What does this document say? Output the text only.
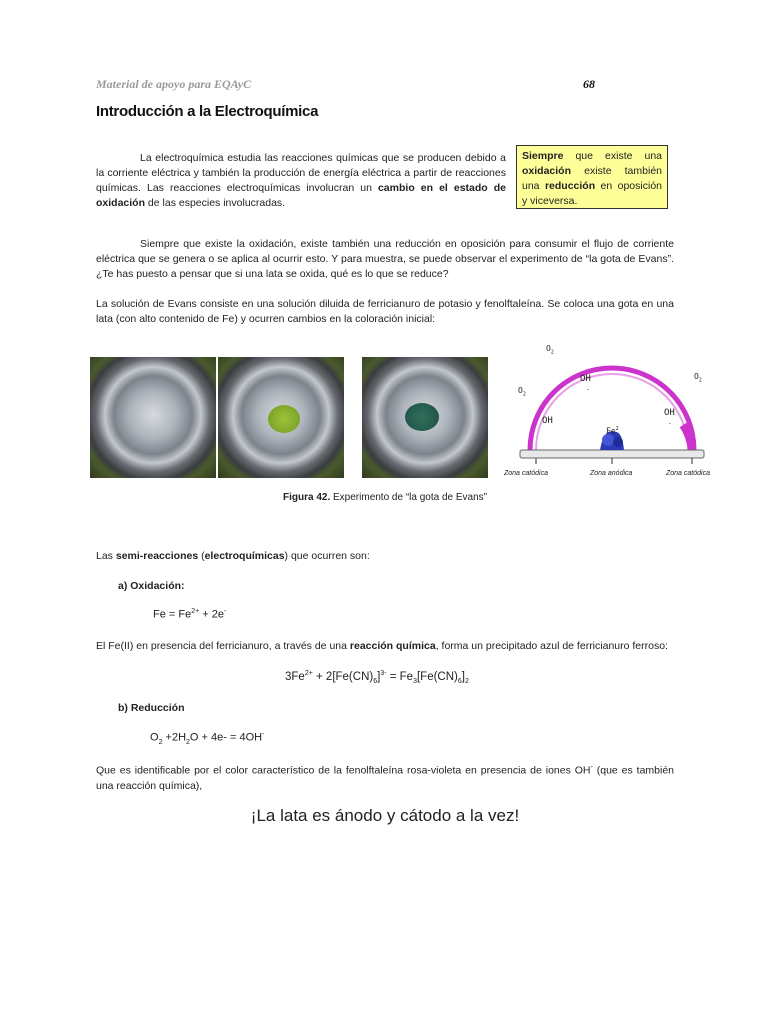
Material de apoyo para EQAyC	68
Introducción a la Electroquímica
La electroquímica estudia las reacciones químicas que se producen debido a la corriente eléctrica y también la producción de energía eléctrica a partir de reacciones químicas. Las reacciones electroquímicas involucran un cambio en el estado de oxidación de las especies involucradas.
Siempre que existe una oxidación existe también una reducción en oposición y viceversa.
Siempre que existe la oxidación, existe también una reducción en oposición para consumir el flujo de corriente eléctrica que se genera o se aplica al ocurrir esto. Y para muestra, se puede observar el experimento de “la gota de Evans”. ¿Te has puesto a pensar que si una lata se oxida, qué es lo que se reduce?
La solución de Evans consiste en una solución diluida de ferricianuro de potasio y fenolftaleína. Se coloca una gota en una lata (con alto contenido de Fe) y ocurren cambios en la coloración inicial:
$O_2$
$O_2$
$O_2$
OH
-
OH
OH
-
Fe$^2$
Zona catódica	Zona anódica	Zona catódica
Figura 42. Experimento de “la gota de Evans”
Las semi-reacciones (electroquímicas) que ocurren son:
a) Oxidación:
$Fe = Fe^{2+} + 2e^-$
El Fe(II) en presencia del ferricianuro, a través de una reacción química, forma un precipitado azul de ferricianuro ferroso:
$3Fe^{2+} + 2[Fe(CN)_6]^{3-} = Fe_3[Fe(CN)_6]_2$
b) Reducción
$O_2 +2H_2O + 4e- = 4OH^-$
Que es identificable por el color característico de la fenolftaleína rosa-violeta en presencia de iones OH- (que es también una reacción química),
¡La lata es ánodo y cátodo a la vez!
